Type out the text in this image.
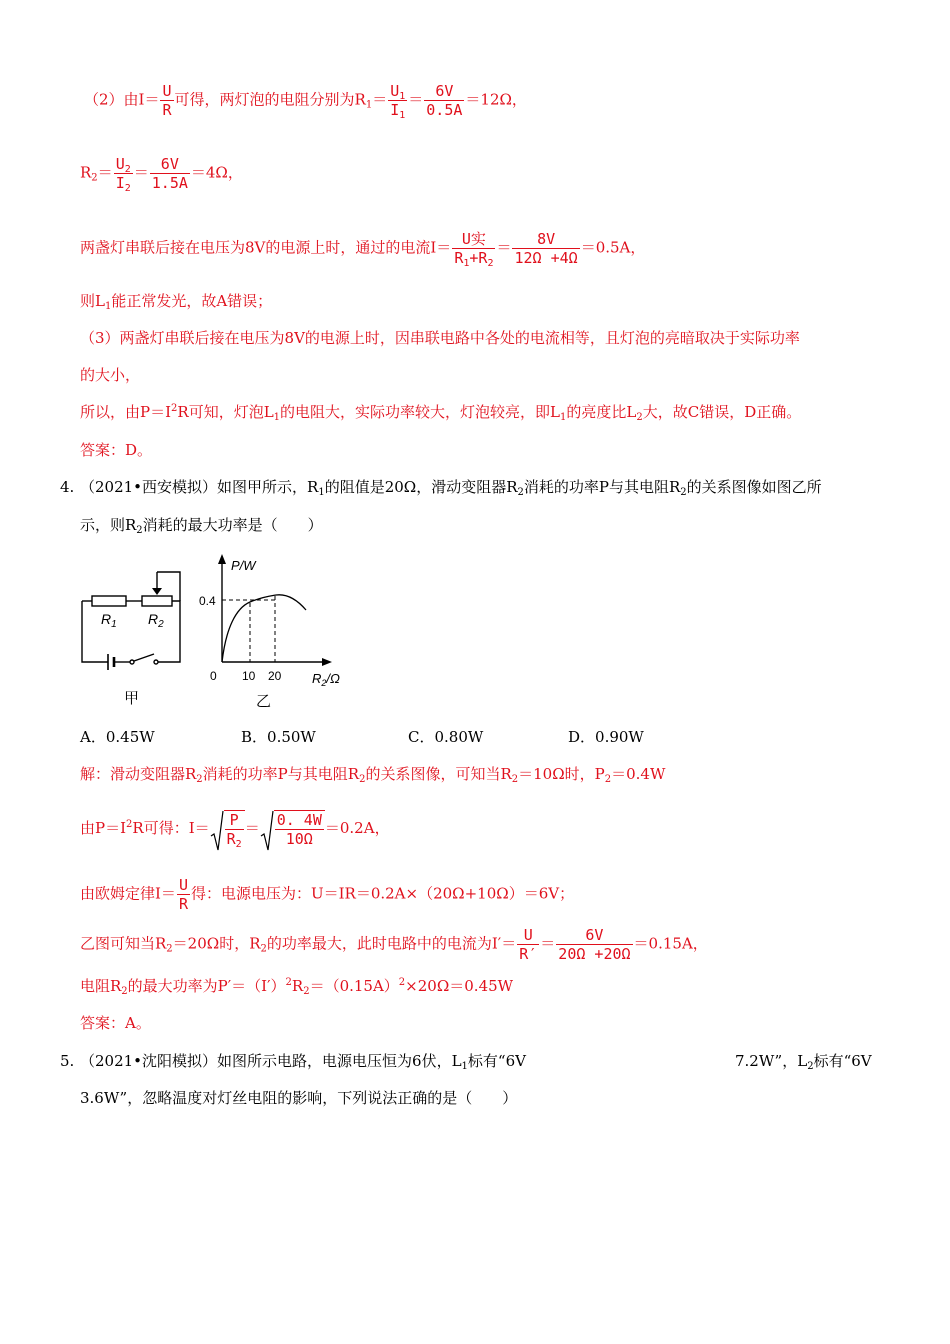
（2）由$I= \frac{U}{R}$ 可得，两灯泡的电阻分别为$R_1= \frac{U_1}{I_1} = \frac{6V}{0.5A} =12\Omega$，
$R_2= \frac{U_2}{I_2} = \frac{6V}{1.5A} =4\Omega$，
两盏灯串联后接在电压为8V的电源上时，通过的电流$I= \frac{\text{U实}}{R_1+R_2} = \frac{8V}{12\Omega +4\Omega} =0.5A$，
则$L_1$能正常发光，故A错误；
（3）两盏灯串联后接在电压为8V的电源上时，因串联电路中各处的电流相等，且灯泡的亮暗取决于实际功率
的大小，
所以，由$P=I^2R$可知，灯泡$L_1$的电阻大，实际功率较大，灯泡较亮，即$L_1$的亮度比$L_2$大，故C错误，D正确。
答案：D。
4. （2021•西安模拟）如图甲所示，$R_1$的阻值是20Ω，滑动变阻器$R_2$消耗的功率P与其电阻$R_2$的关系图像如图乙所
示，则$R_2$消耗的最大功率是（　　）
$R_1$ $R_2$
甲
P/W
0.4
0 10 20 $R_2/\Omega$
乙
A．0.45W	B．0.50W	C．0.80W	D．0.90W
解：滑动变阻器$R_2$消耗的功率P与其电阻$R_2$的关系图像，可知当$R_2=10\Omega$时，$P_2=0.4W$
由$P=I^2R$可得：$I= \frac{P}{R_2} = \frac{0. 4W}{10\Omega} =0.2A$，
由欧姆定律$I= \frac{U}{R}$ 得：电源电压为：U＝IR＝0.2A×（20Ω+10Ω）＝6V；
乙图可知当$R_2=20\Omega$时，$R_2$的功率最大，此时电路中的电流为$I'= \frac{U}{R'} = \frac{6V}{20\Omega +20\Omega} =0.15A$，
电阻$R_2$的最大功率为$P'=(I')^2R_2=(0.15A)^2\times 20\Omega=0.45W$
答案：A。
5. （2021•沈阳模拟）如图所示电路，电源电压恒为6伏，$L_1$标有“6V	7.2W”，$L_2$标有“6V
3.6W”，忽略温度对灯丝电阻的影响，下列说法正确的是（　　）
